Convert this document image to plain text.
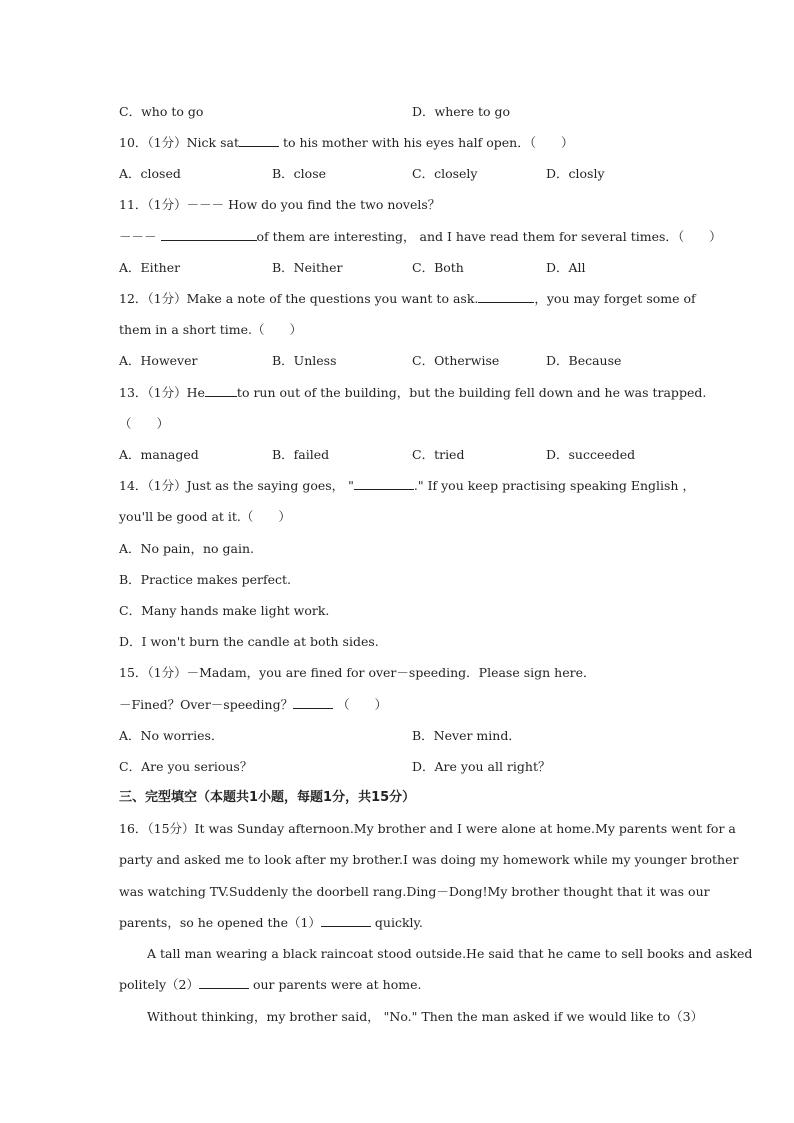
C．who to go	D．where to go
10．（1分）Nick sat	to his mother with his eyes half open．（　　）
A．closed	B．close	C．closely	D．closly
11．（1分）－－－ How do you find the two novels？
－－－	of them are interesting， and I have read them for several times．（　　）
A．Either	B．Neither	C．Both	D．All
12．（1分）Make a note of the questions you want to ask.	，you may forget some of
them in a short time.（　　）
A．However	B．Unless	C．Otherwise	D．Because
13．（1分）He	to run out of the building，but the building fell down and he was trapped.
（　　）
A．managed	B．failed	C．tried	D．succeeded
14．（1分）Just as the saying goes， "	." If you keep practising speaking English ，
you'll be good at it.（　　）
A．No pain，no gain.
B．Practice makes perfect.
C．Many hands make light work.
D．I won't burn the candle at both sides.
15．（1分）－Madam，you are fined for over－speeding．Please sign here．
－Fined？Over－speeding？	（　　）
A．No worries．	B．Never mind．
C．Are you serious？	D．Are you all right？
三、完型填空（本题共1小题，每题1分，共15分）
16．（15分）It was Sunday afternoon.My brother and I were alone at home.My parents went for a
party and asked me to look after my brother.I was doing my homework while my younger brother
was watching TV.Suddenly the doorbell rang.Ding－Dong!My brother thought that it was our
parents，so he opened the（1）	quickly.
A tall man wearing a black raincoat stood outside.He said that he came to sell books and asked
politely（2）	our parents were at home.
Without thinking，my brother said， "No." Then the man asked if we would like to（3）
